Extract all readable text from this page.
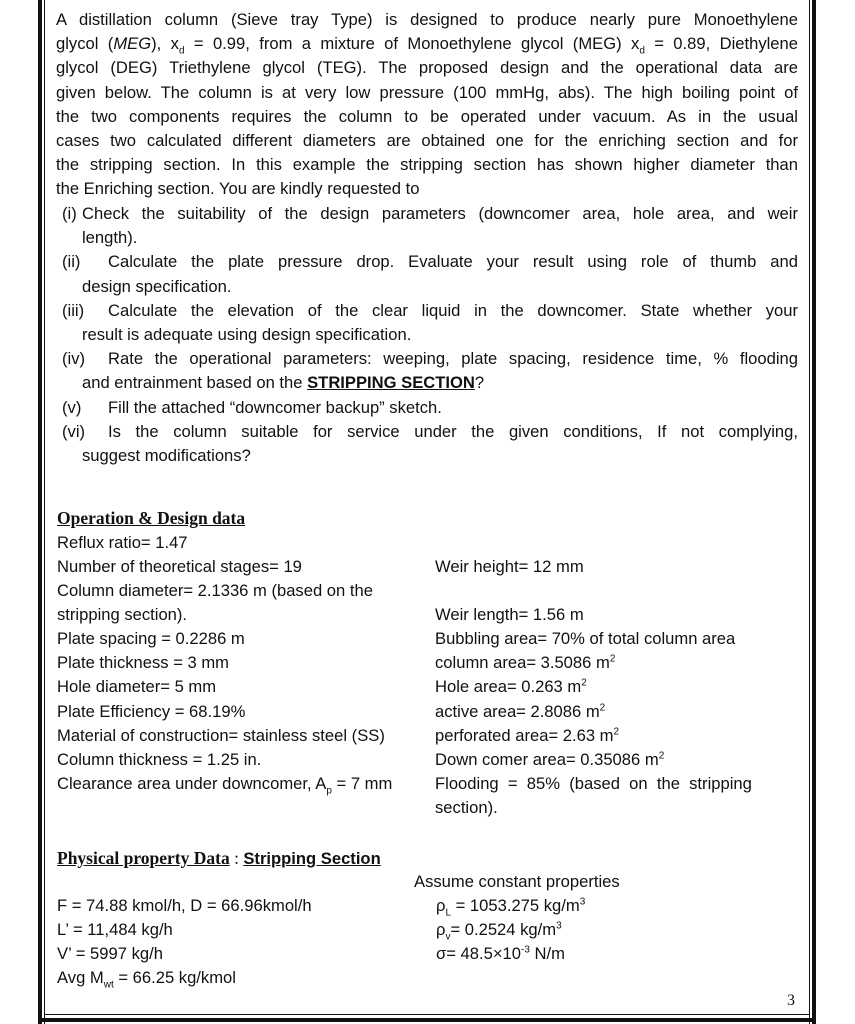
A distillation column (Sieve tray Type) is designed to produce nearly pure Monoethylene
glycol (MEG), $x_d = 0.99$, from a mixture of Monoethylene glycol (MEG) $x_d = 0.89$, Diethylene
glycol (DEG) Triethylene glycol (TEG). The proposed design and the operational data are
given below. The column is at very low pressure (100 mmHg, abs). The high boiling point of
the two components requires the column to be operated under vacuum. As in the usual
cases two calculated different diameters are obtained one for the enriching section and for
the stripping section. In this example the stripping section has shown higher diameter than
the Enriching section. You are kindly requested to
(i) Check the suitability of the design parameters (downcomer area, hole area, and weir
length).
(ii) Calculate the plate pressure drop. Evaluate your result using role of thumb and
design specification.
(iii) Calculate the elevation of the clear liquid in the downcomer. State whether your
result is adequate using design specification.
(iv) Rate the operational parameters: weeping, plate spacing, residence time, % flooding
and entrainment based on the STRIPPING SECTION?
(v) Fill the attached “downcomer backup” sketch.
(vi) Is the column suitable for service under the given conditions, If not complying,
suggest modifications?
Operation & Design data
Reflux ratio= 1.47
Number of theoretical stages= 19
Column diameter= 2.1336 m (based on the
stripping section).
Plate spacing = 0.2286 m
Plate thickness = 3 mm
Hole diameter= 5 mm
Plate Efficiency = 68.19%
Material of construction= stainless steel (SS)
Column thickness = 1.25 in.
Clearance area under downcomer, $A_p = 7$ mm
Weir height= 12 mm
Weir length= 1.56 m
Bubbling area= 70% of total column area
column area= 3.5086 $m^2$
Hole area= 0.263 $m^2$
active area= 2.8086 $m^2$
perforated area= 2.63 $m^2$
Down comer area= 0.35086 $m^2$
Flooding  =  85%  (based  on  the  stripping
section).
Physical property Data : Stripping Section
Assume constant properties
F = 74.88 kmol/h, D = 66.96kmol/h
L’ = 11,484 kg/h
V’ = 5997 kg/h
Avg $M_{wt} = 66.25$ kg/kmol
$\rho_L = 1053.275$ $kg/m^3$
$\rho_v= 0.2524$ $kg/m^3$
$\sigma= 48.5\times 10^{-3}$ N/m
3
